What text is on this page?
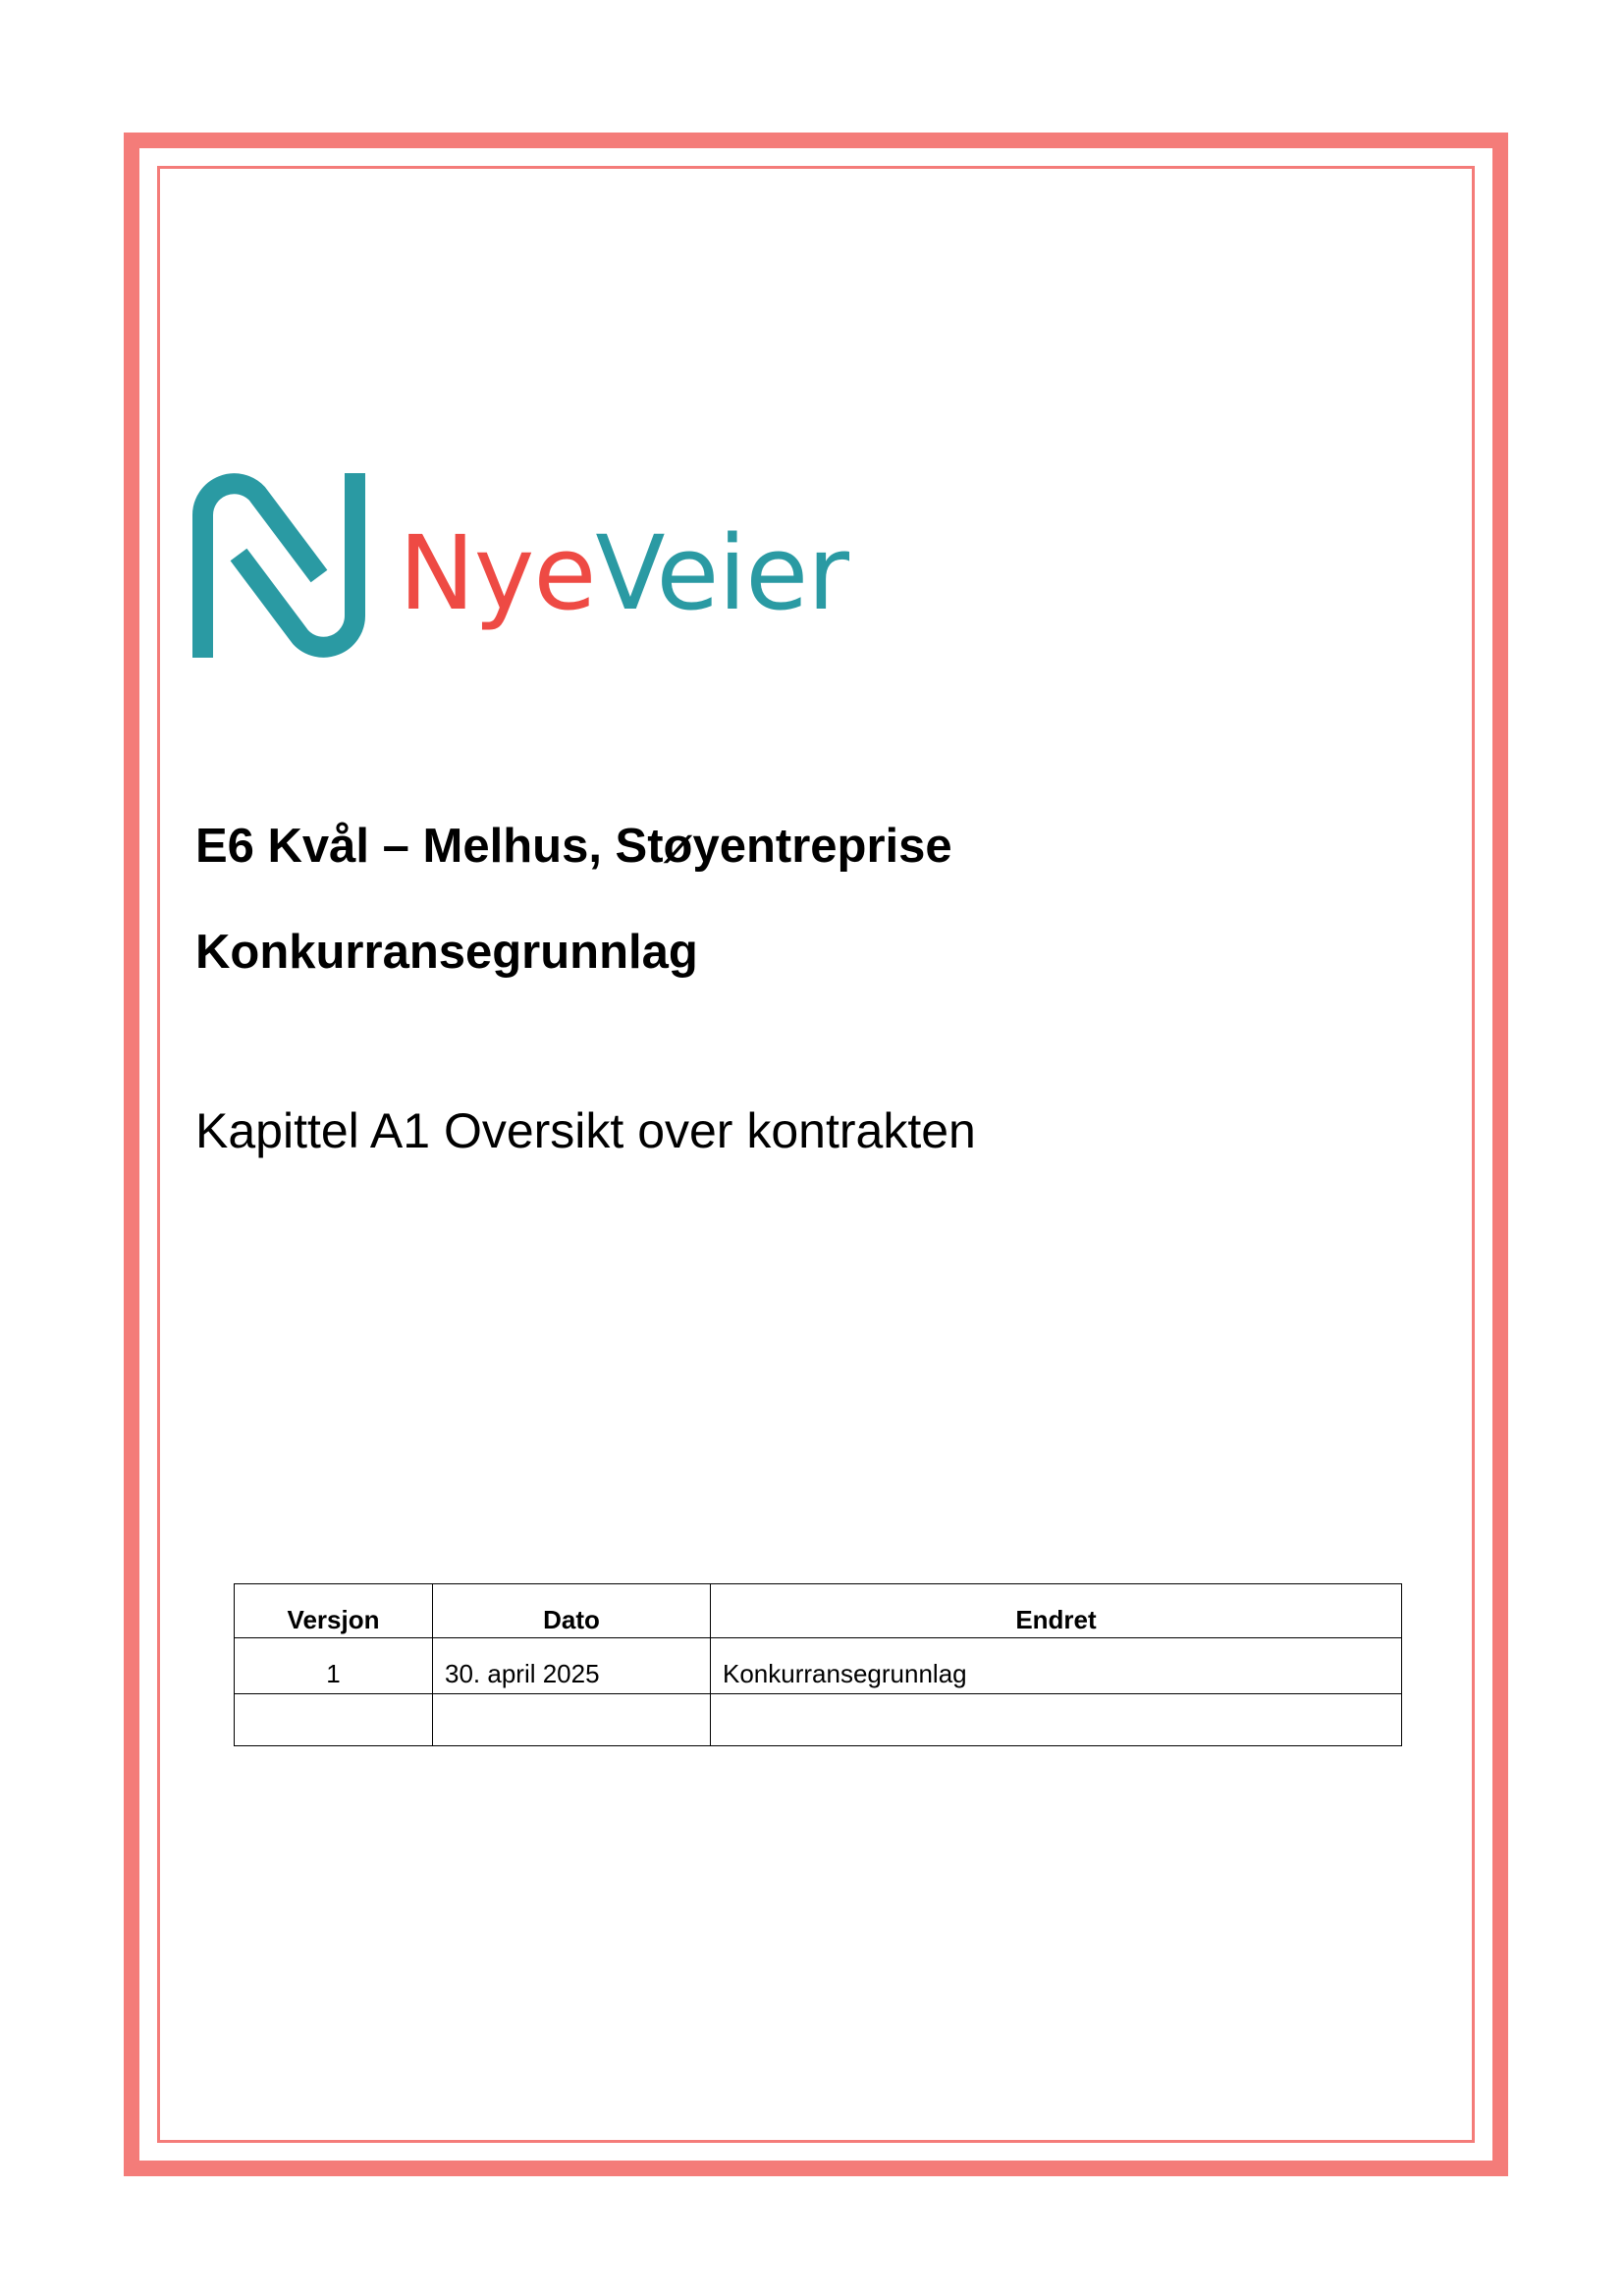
NyeVeier
E6 Kvål – Melhus, Støyentreprise
Konkurransegrunnlag
Kapittel A1 Oversikt over kontrakten
Versjon	Dato	Endret
1	30. april 2025	Konkurransegrunnlag
